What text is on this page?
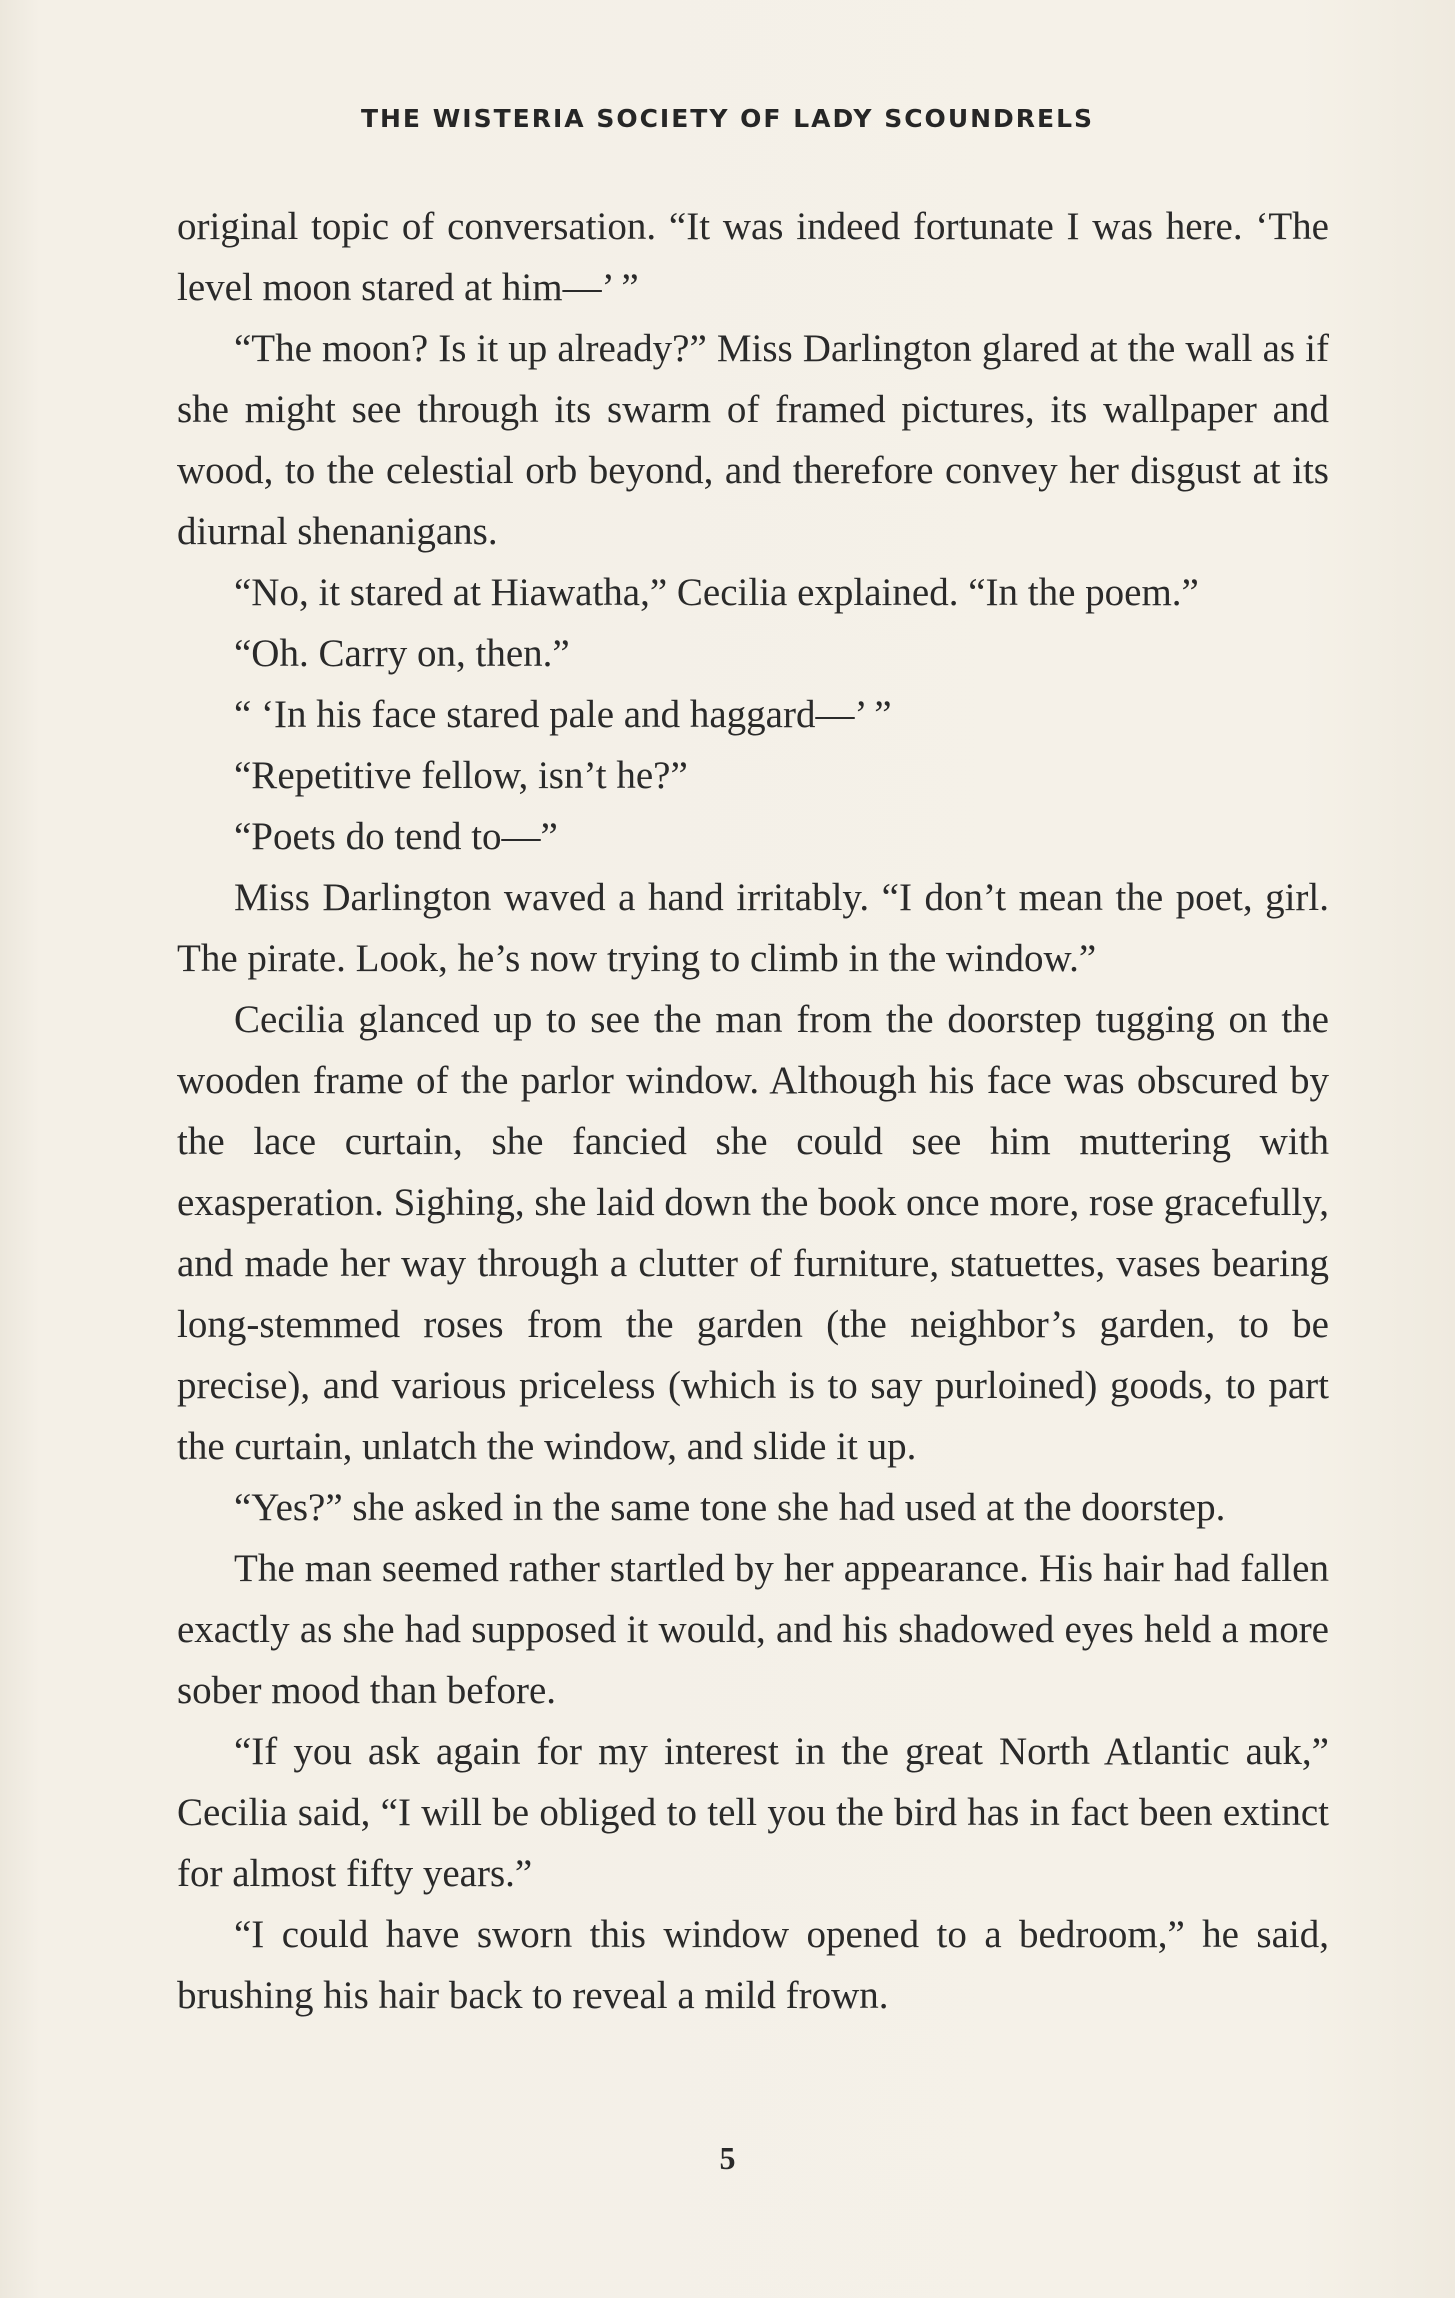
THE WISTERIA SOCIETY OF LADY SCOUNDRELS

original topic of conversation. “It was indeed fortunate I was here. ‘The level moon stared at him—’ ”

“The moon? Is it up already?” Miss Darlington glared at the wall as if she might see through its swarm of framed pictures, its wallpaper and wood, to the celestial orb beyond, and therefore convey her disgust at its diurnal shenanigans.

“No, it stared at Hiawatha,” Cecilia explained. “In the poem.”

“Oh. Carry on, then.”

“ ‘In his face stared pale and haggard—’ ”

“Repetitive fellow, isn’t he?”

“Poets do tend to—”

Miss Darlington waved a hand irritably. “I don’t mean the poet, girl. The pirate. Look, he’s now trying to climb in the window.”

Cecilia glanced up to see the man from the doorstep tugging on the wooden frame of the parlor window. Although his face was obscured by the lace curtain, she fancied she could see him muttering with exasperation. Sighing, she laid down the book once more, rose gracefully, and made her way through a clutter of furniture, statuettes, vases bearing long-stemmed roses from the garden (the neighbor’s garden, to be precise), and various priceless (which is to say purloined) goods, to part the curtain, unlatch the window, and slide it up.

“Yes?” she asked in the same tone she had used at the doorstep.

The man seemed rather startled by her appearance. His hair had fallen exactly as she had supposed it would, and his shadowed eyes held a more sober mood than before.

“If you ask again for my interest in the great North Atlantic auk,” Cecilia said, “I will be obliged to tell you the bird has in fact been extinct for almost fifty years.”

“I could have sworn this window opened to a bedroom,” he said, brushing his hair back to reveal a mild frown.

5
